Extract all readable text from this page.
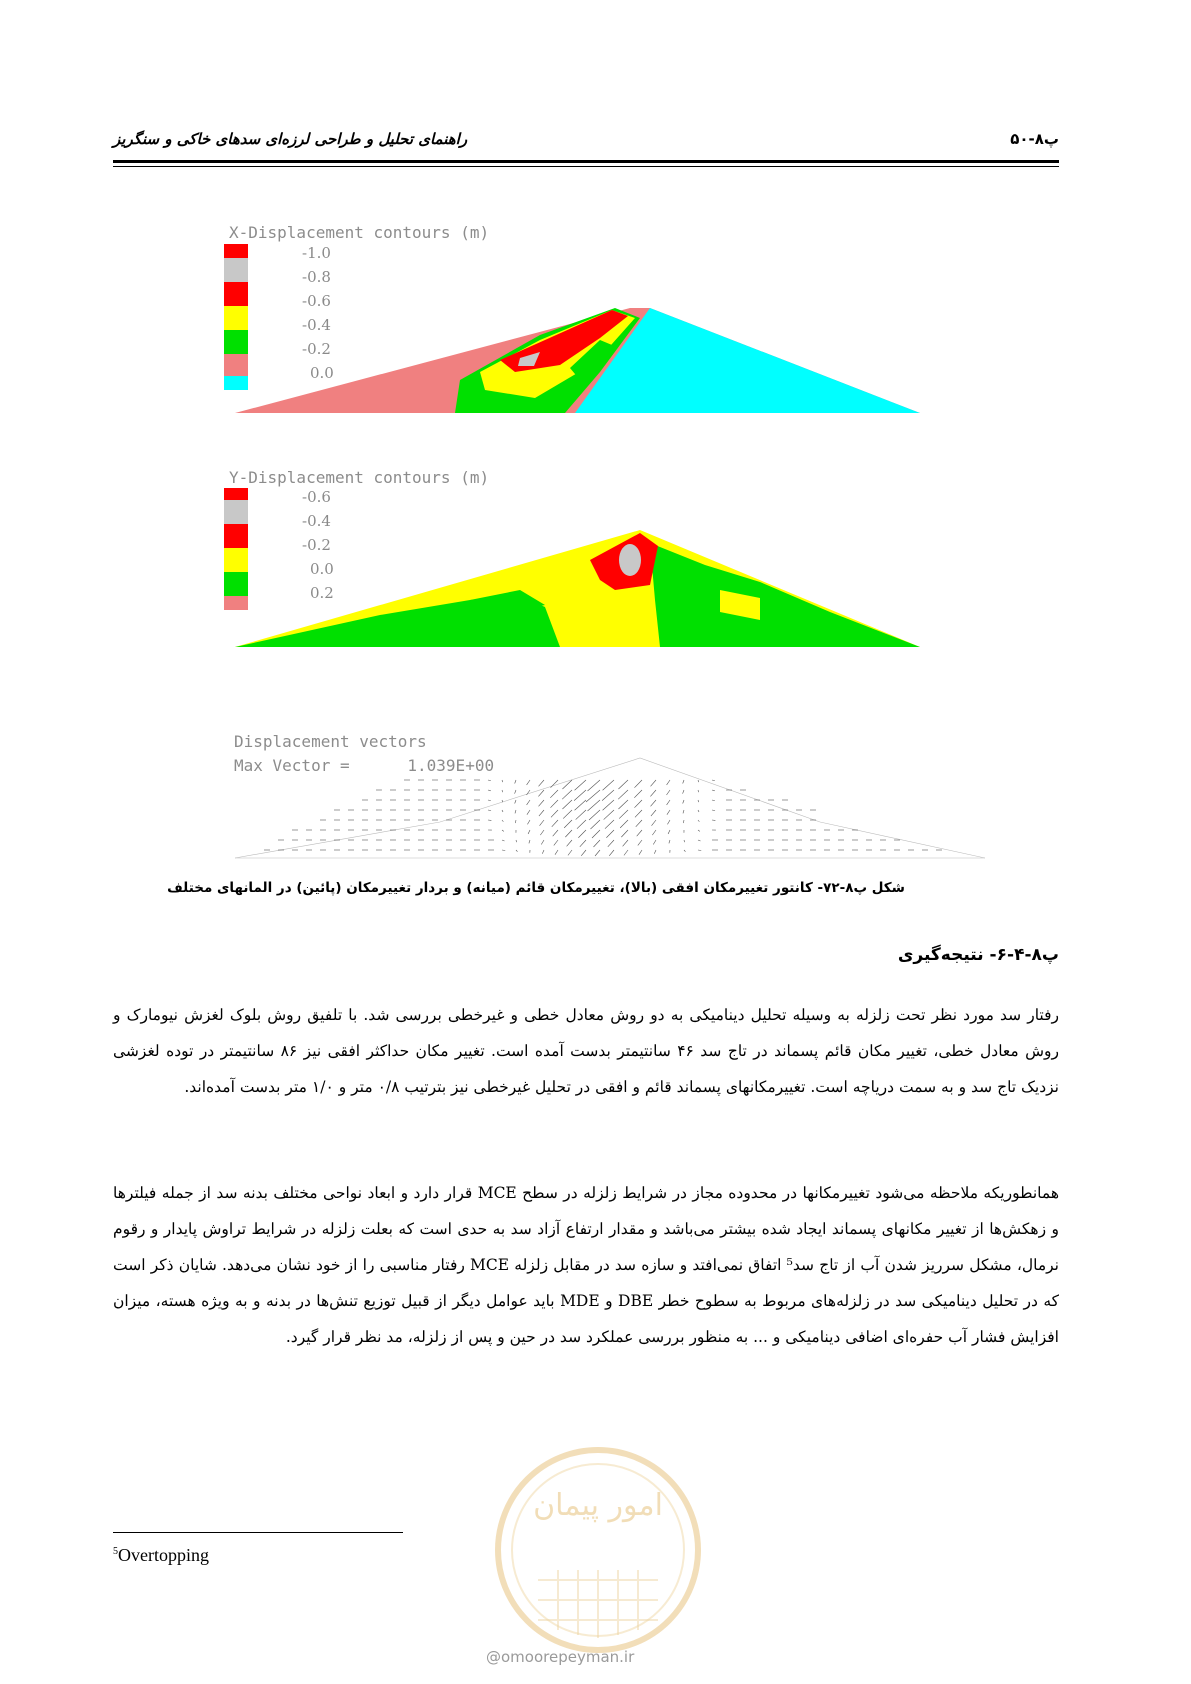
راهنمای تحلیل و طراحی لرزه‌ای سدهای خاکی و سنگریز	پ۸-۵۰
X-Displacement contours (m)
-1.0
-0.8
-0.6
-0.4
-0.2
0.0
Y-Displacement contours (m)
-0.6
-0.4
-0.2
0.0
0.2
Displacement vectors
Max Vector =      1.039E+00
شکل پ۸-۷۲- کانتور تغییرمکان افقی (بالا)، تغییرمکان قائم (میانه) و بردار تغییرمکان (پائین) در المانهای مختلف
پ۸-۴-۶- نتیجه‌گیری
رفتار سد مورد نظر تحت زلزله به وسیله تحلیل دینامیکی به دو روش معادل خطی و غیرخطی بررسی شد. با تلفیق روش بلوک لغزش نیومارک و روش معادل خطی، تغییر مکان قائم پسماند در تاج سد ۴۶ سانتیمتر بدست آمده است. تغییر مکان حداکثر افقی نیز ۸۶ سانتیمتر در توده لغزشی نزدیک تاج سد و به سمت دریاچه است. تغییرمکانهای پسماند قائم و افقی در تحلیل غیرخطی نیز بترتیب ۰/۸ متر و ۱/۰ متر بدست آمده‌اند.
همانطوریکه ملاحظه می‌شود تغییرمکانها در محدوده مجاز در شرایط زلزله در سطح MCE قرار دارد و ابعاد نواحی مختلف بدنه سد از جمله فیلترها و زهکش‌ها از تغییر مکانهای پسماند ایجاد شده بیشتر می‌باشد و مقدار ارتفاع آزاد سد به حدی است که بعلت زلزله در شرایط تراوش پایدار و رقوم نرمال، مشکل سرریز شدن آب از تاج سد⁵ اتفاق نمی‌افتد و سازه سد در مقابل زلزله MCE رفتار مناسبی را از خود نشان می‌دهد. شایان ذکر است که در تحلیل دینامیکی سد در زلزله‌های مربوط به سطوح خطر DBE و MDE باید عوامل دیگر از قبیل توزیع تنش‌ها در بدنه و به ویژه هسته، میزان افزایش فشار آب حفره‌ای اضافی دینامیکی و ... به منظور بررسی عملکرد سد در حین و پس از زلزله، مد نظر قرار گیرد.
امور پیمان
@omoorepeyman.ir
$^5$Overtopping
